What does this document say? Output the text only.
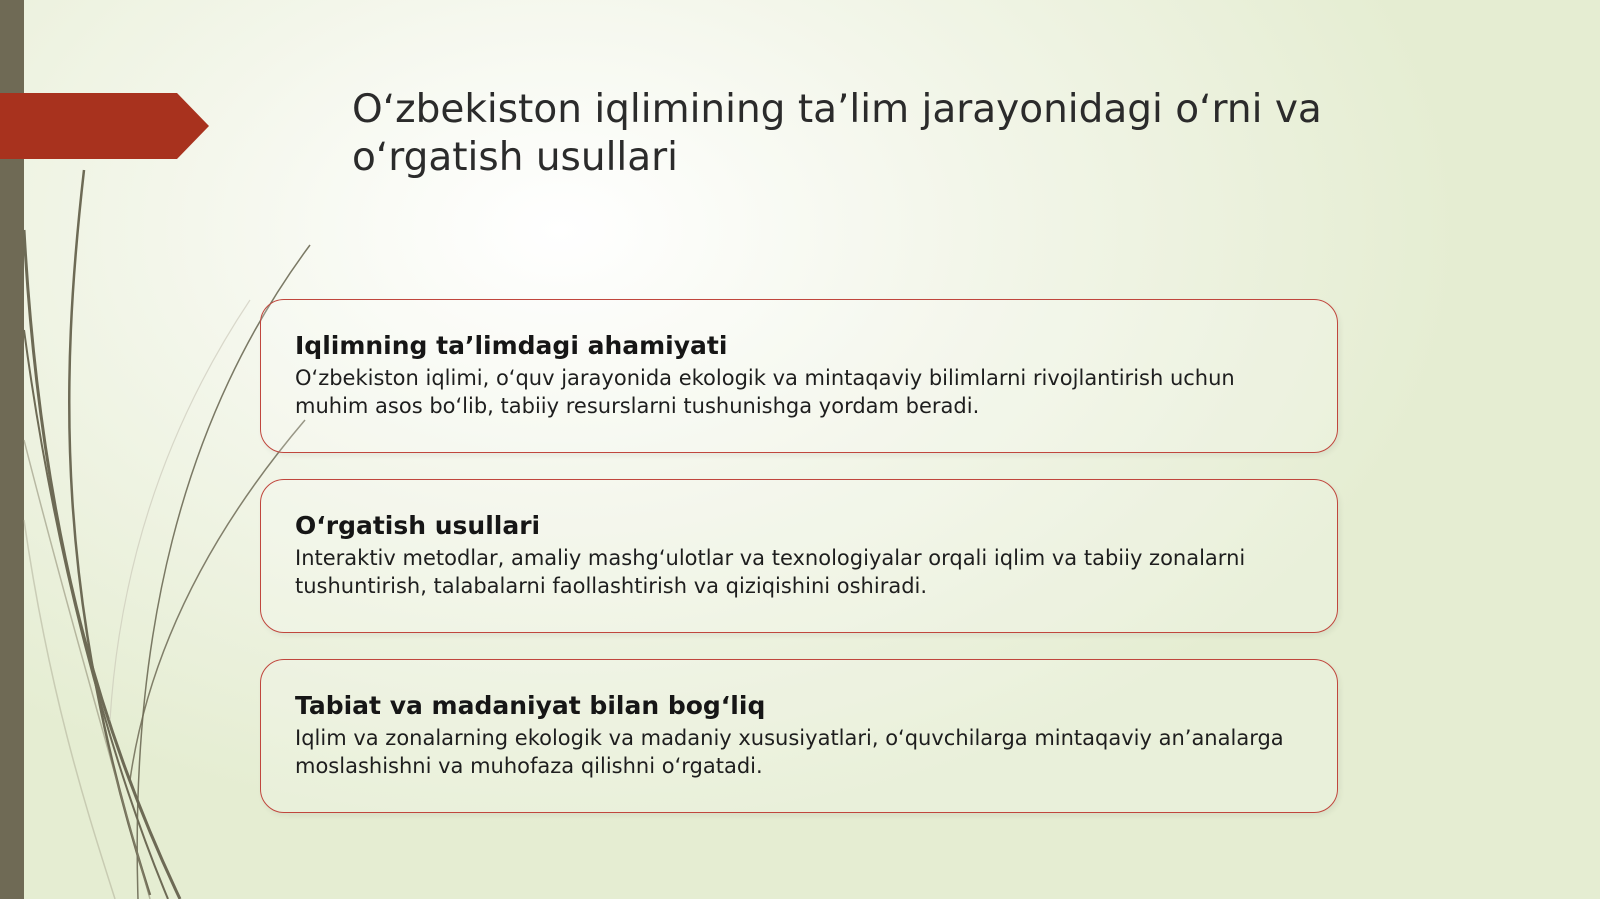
O‘zbekiston iqlimining ta’lim jarayonidagi o‘rni va o‘rgatish usullari

Iqlimning ta’limdagi ahamiyati

O‘zbekiston iqlimi, o‘quv jarayonida ekologik va mintaqaviy bilimlarni rivojlantirish uchun muhim asos bo‘lib, tabiiy resurslarni tushunishga yordam beradi.

O‘rgatish usullari

Interaktiv metodlar, amaliy mashg‘ulotlar va texnologiyalar orqali iqlim va tabiiy zonalarni tushuntirish, talabalarni faollashtirish va qiziqishini oshiradi.

Tabiat va madaniyat bilan bog‘liq

Iqlim va zonalarning ekologik va madaniy xususiyatlari, o‘quvchilarga mintaqaviy an’analarga moslashishni va muhofaza qilishni o‘rgatadi.
